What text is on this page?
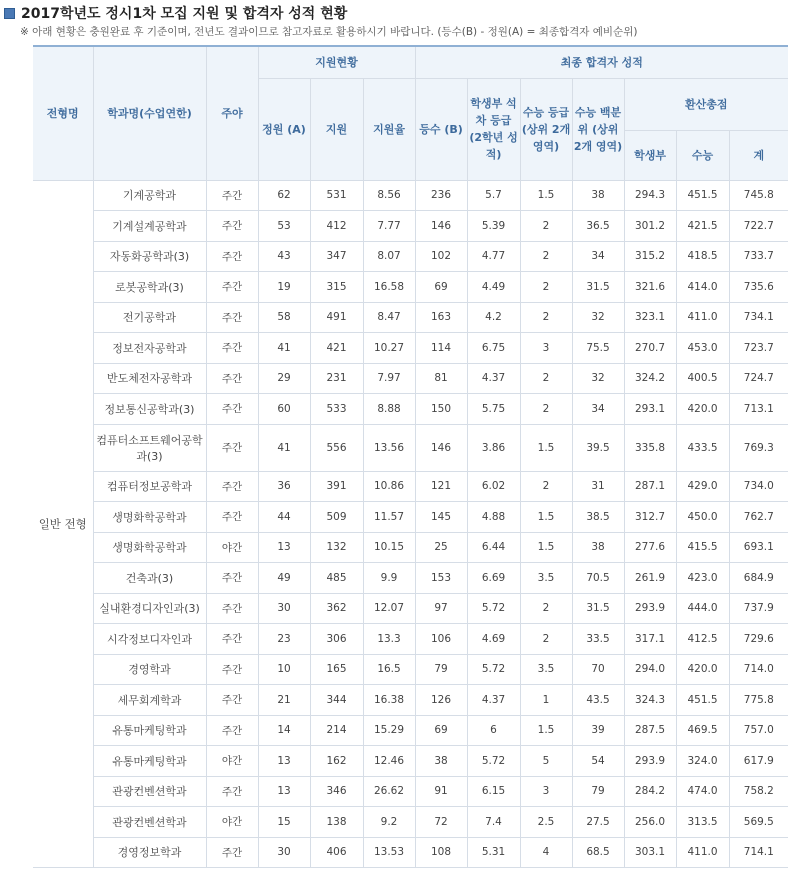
2017학년도 정시1차 모집 지원 및 합격자 성적 현황
※ 아래 현황은 충원완료 후 기준이며, 전년도 결과이므로 참고자료로 활용하시기 바랍니다. (등수(B) - 정원(A) = 최종합격자 예비순위)
전형명	학과명(수업연한)	주야	지원현황			최종 합격자 성적						
			정원 (A)	지원	지원율	등수 (B)	학생부 석차 등급 (2학년 성적)	수능 등급 (상위 2개 영역)	수능 백분위 (상위 2개 영역)	환산총점		
										학생부	수능	계
일반 전형	기계공학과	주간	62	531	8.56	236	5.7	1.5	38	294.3	451.5	745.8
	기계설계공학과	주간	53	412	7.77	146	5.39	2	36.5	301.2	421.5	722.7
	자동화공학과(3)	주간	43	347	8.07	102	4.77	2	34	315.2	418.5	733.7
	로봇공학과(3)	주간	19	315	16.58	69	4.49	2	31.5	321.6	414.0	735.6
	전기공학과	주간	58	491	8.47	163	4.2	2	32	323.1	411.0	734.1
	정보전자공학과	주간	41	421	10.27	114	6.75	3	75.5	270.7	453.0	723.7
	반도체전자공학과	주간	29	231	7.97	81	4.37	2	32	324.2	400.5	724.7
	정보통신공학과(3)	주간	60	533	8.88	150	5.75	2	34	293.1	420.0	713.1
	컴퓨터소프트웨어공학과(3)	주간	41	556	13.56	146	3.86	1.5	39.5	335.8	433.5	769.3
	컴퓨터정보공학과	주간	36	391	10.86	121	6.02	2	31	287.1	429.0	734.0
	생명화학공학과	주간	44	509	11.57	145	4.88	1.5	38.5	312.7	450.0	762.7
	생명화학공학과	야간	13	132	10.15	25	6.44	1.5	38	277.6	415.5	693.1
	건축과(3)	주간	49	485	9.9	153	6.69	3.5	70.5	261.9	423.0	684.9
	실내환경디자인과(3)	주간	30	362	12.07	97	5.72	2	31.5	293.9	444.0	737.9
	시각정보디자인과	주간	23	306	13.3	106	4.69	2	33.5	317.1	412.5	729.6
	경영학과	주간	10	165	16.5	79	5.72	3.5	70	294.0	420.0	714.0
	세무회계학과	주간	21	344	16.38	126	4.37	1	43.5	324.3	451.5	775.8
	유통마케팅학과	주간	14	214	15.29	69	6	1.5	39	287.5	469.5	757.0
	유통마케팅학과	야간	13	162	12.46	38	5.72	5	54	293.9	324.0	617.9
	관광컨벤션학과	주간	13	346	26.62	91	6.15	3	79	284.2	474.0	758.2
	관광컨벤션학과	야간	15	138	9.2	72	7.4	2.5	27.5	256.0	313.5	569.5
	경영정보학과	주간	30	406	13.53	108	5.31	4	68.5	303.1	411.0	714.1
